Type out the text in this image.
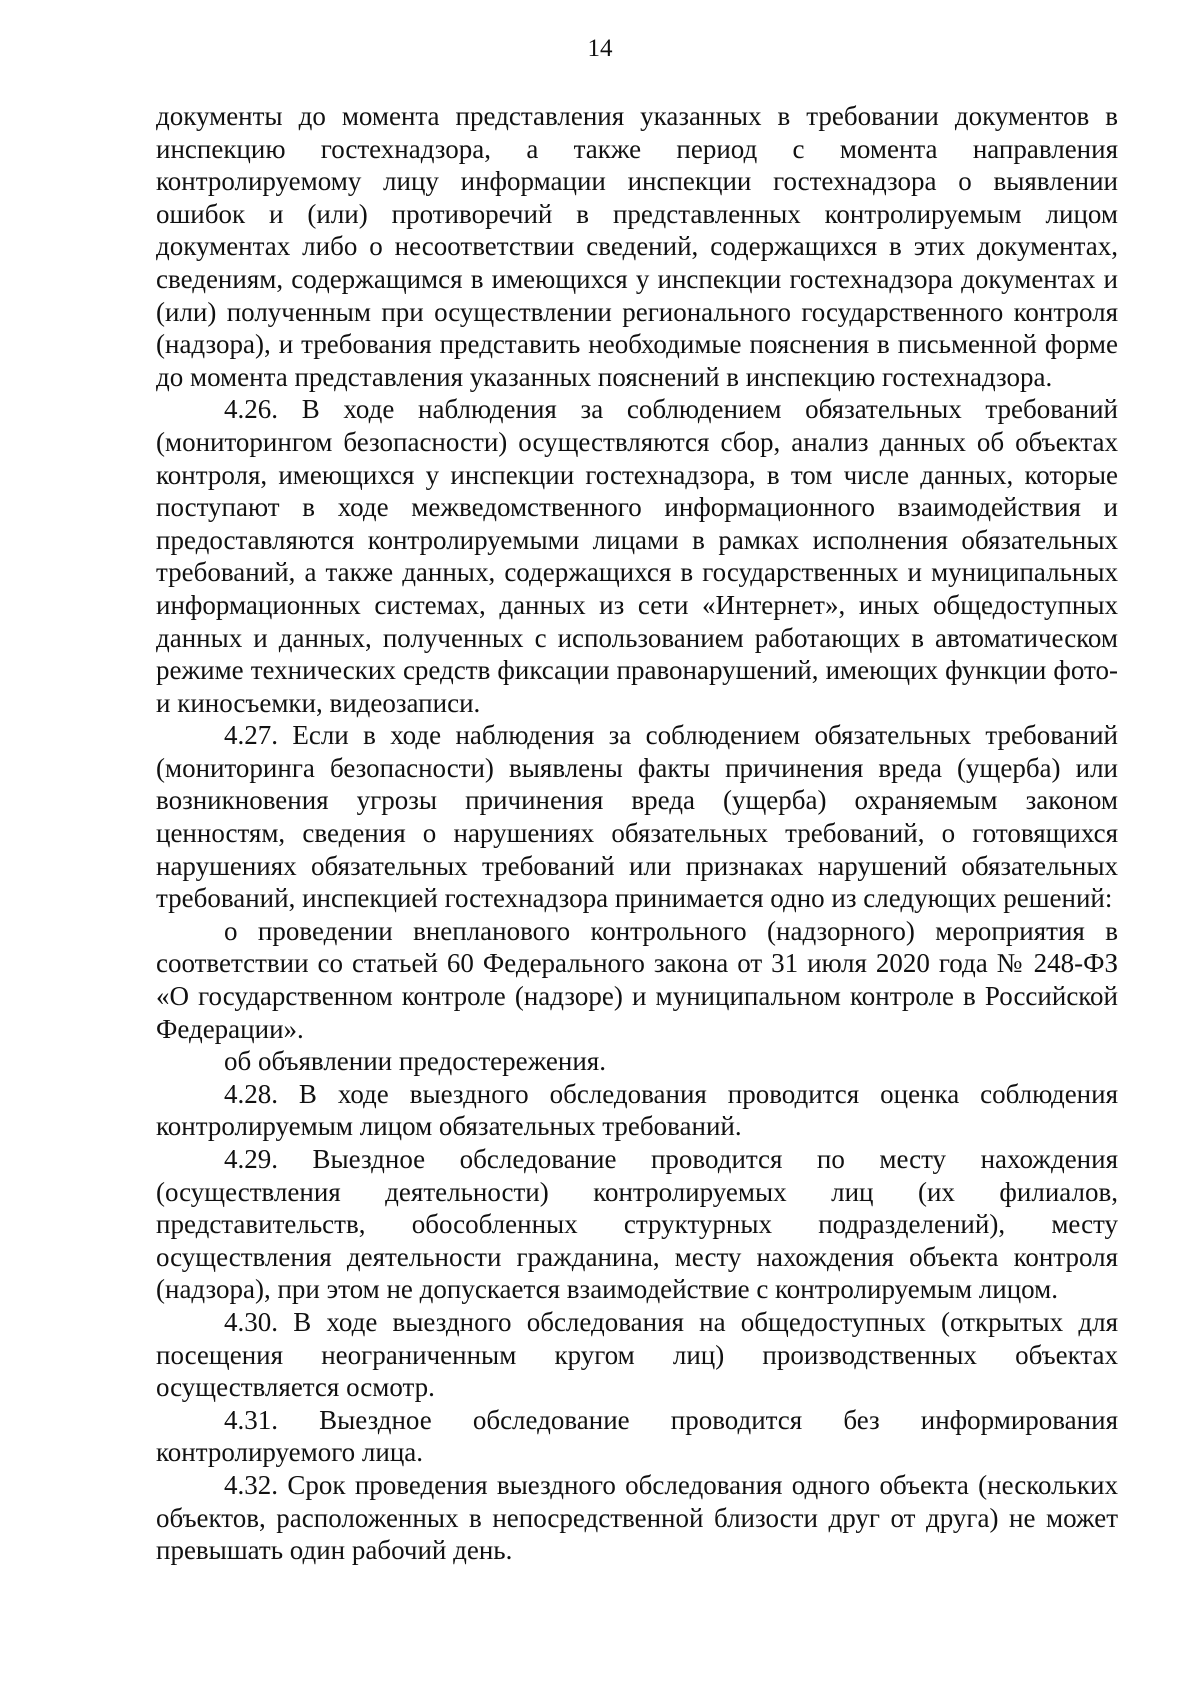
14

документы до момента представления указанных в требовании документов в инспекцию гостехнадзора, а также период с момента направления контролируемому лицу информации инспекции гостехнадзора о выявлении ошибок и (или) противоречий в представленных контролируемым лицом документах либо о несоответствии сведений, содержащихся в этих документах, сведениям, содержащимся в имеющихся у инспекции гостехнадзора документах и (или) полученным при осуществлении регионального государственного контроля (надзора), и требования представить необходимые пояснения в письменной форме до момента представления указанных пояснений в инспекцию гостехнадзора.

4.26. В ходе наблюдения за соблюдением обязательных требований (мониторингом безопасности) осуществляются сбор, анализ данных об объектах контроля, имеющихся у инспекции гостехнадзора, в том числе данных, которые поступают в ходе межведомственного информационного взаимодействия и предоставляются контролируемыми лицами в рамках исполнения обязательных требований, а также данных, содержащихся в государственных и муниципальных информационных системах, данных из сети «Интернет», иных общедоступных данных и данных, полученных с использованием работающих в автоматическом режиме технических средств фиксации правонарушений, имеющих функции фото- и киносъемки, видеозаписи.

4.27. Если в ходе наблюдения за соблюдением обязательных требований (мониторинга безопасности) выявлены факты причинения вреда (ущерба) или возникновения угрозы причинения вреда (ущерба) охраняемым законом ценностям, сведения о нарушениях обязательных требований, о готовящихся нарушениях обязательных требований или признаках нарушений обязательных требований, инспекцией гостехнадзора принимается одно из следующих решений:

о проведении внепланового контрольного (надзорного) мероприятия в соответствии со статьей 60 Федерального закона от 31 июля 2020 года № 248-ФЗ «О государственном контроле (надзоре) и муниципальном контроле в Российской Федерации».

об объявлении предостережения.

4.28. В ходе выездного обследования проводится оценка соблюдения контролируемым лицом обязательных требований.

4.29. Выездное обследование проводится по месту нахождения (осуществления деятельности) контролируемых лиц (их филиалов, представительств, обособленных структурных подразделений), месту осуществления деятельности гражданина, месту нахождения объекта контроля (надзора), при этом не допускается взаимодействие с контролируемым лицом.

4.30. В ходе выездного обследования на общедоступных (открытых для посещения неограниченным кругом лиц) производственных объектах осуществляется осмотр.

4.31. Выездное обследование проводится без информирования контролируемого лица.

4.32. Срок проведения выездного обследования одного объекта (нескольких объектов, расположенных в непосредственной близости друг от друга) не может превышать один рабочий день.
